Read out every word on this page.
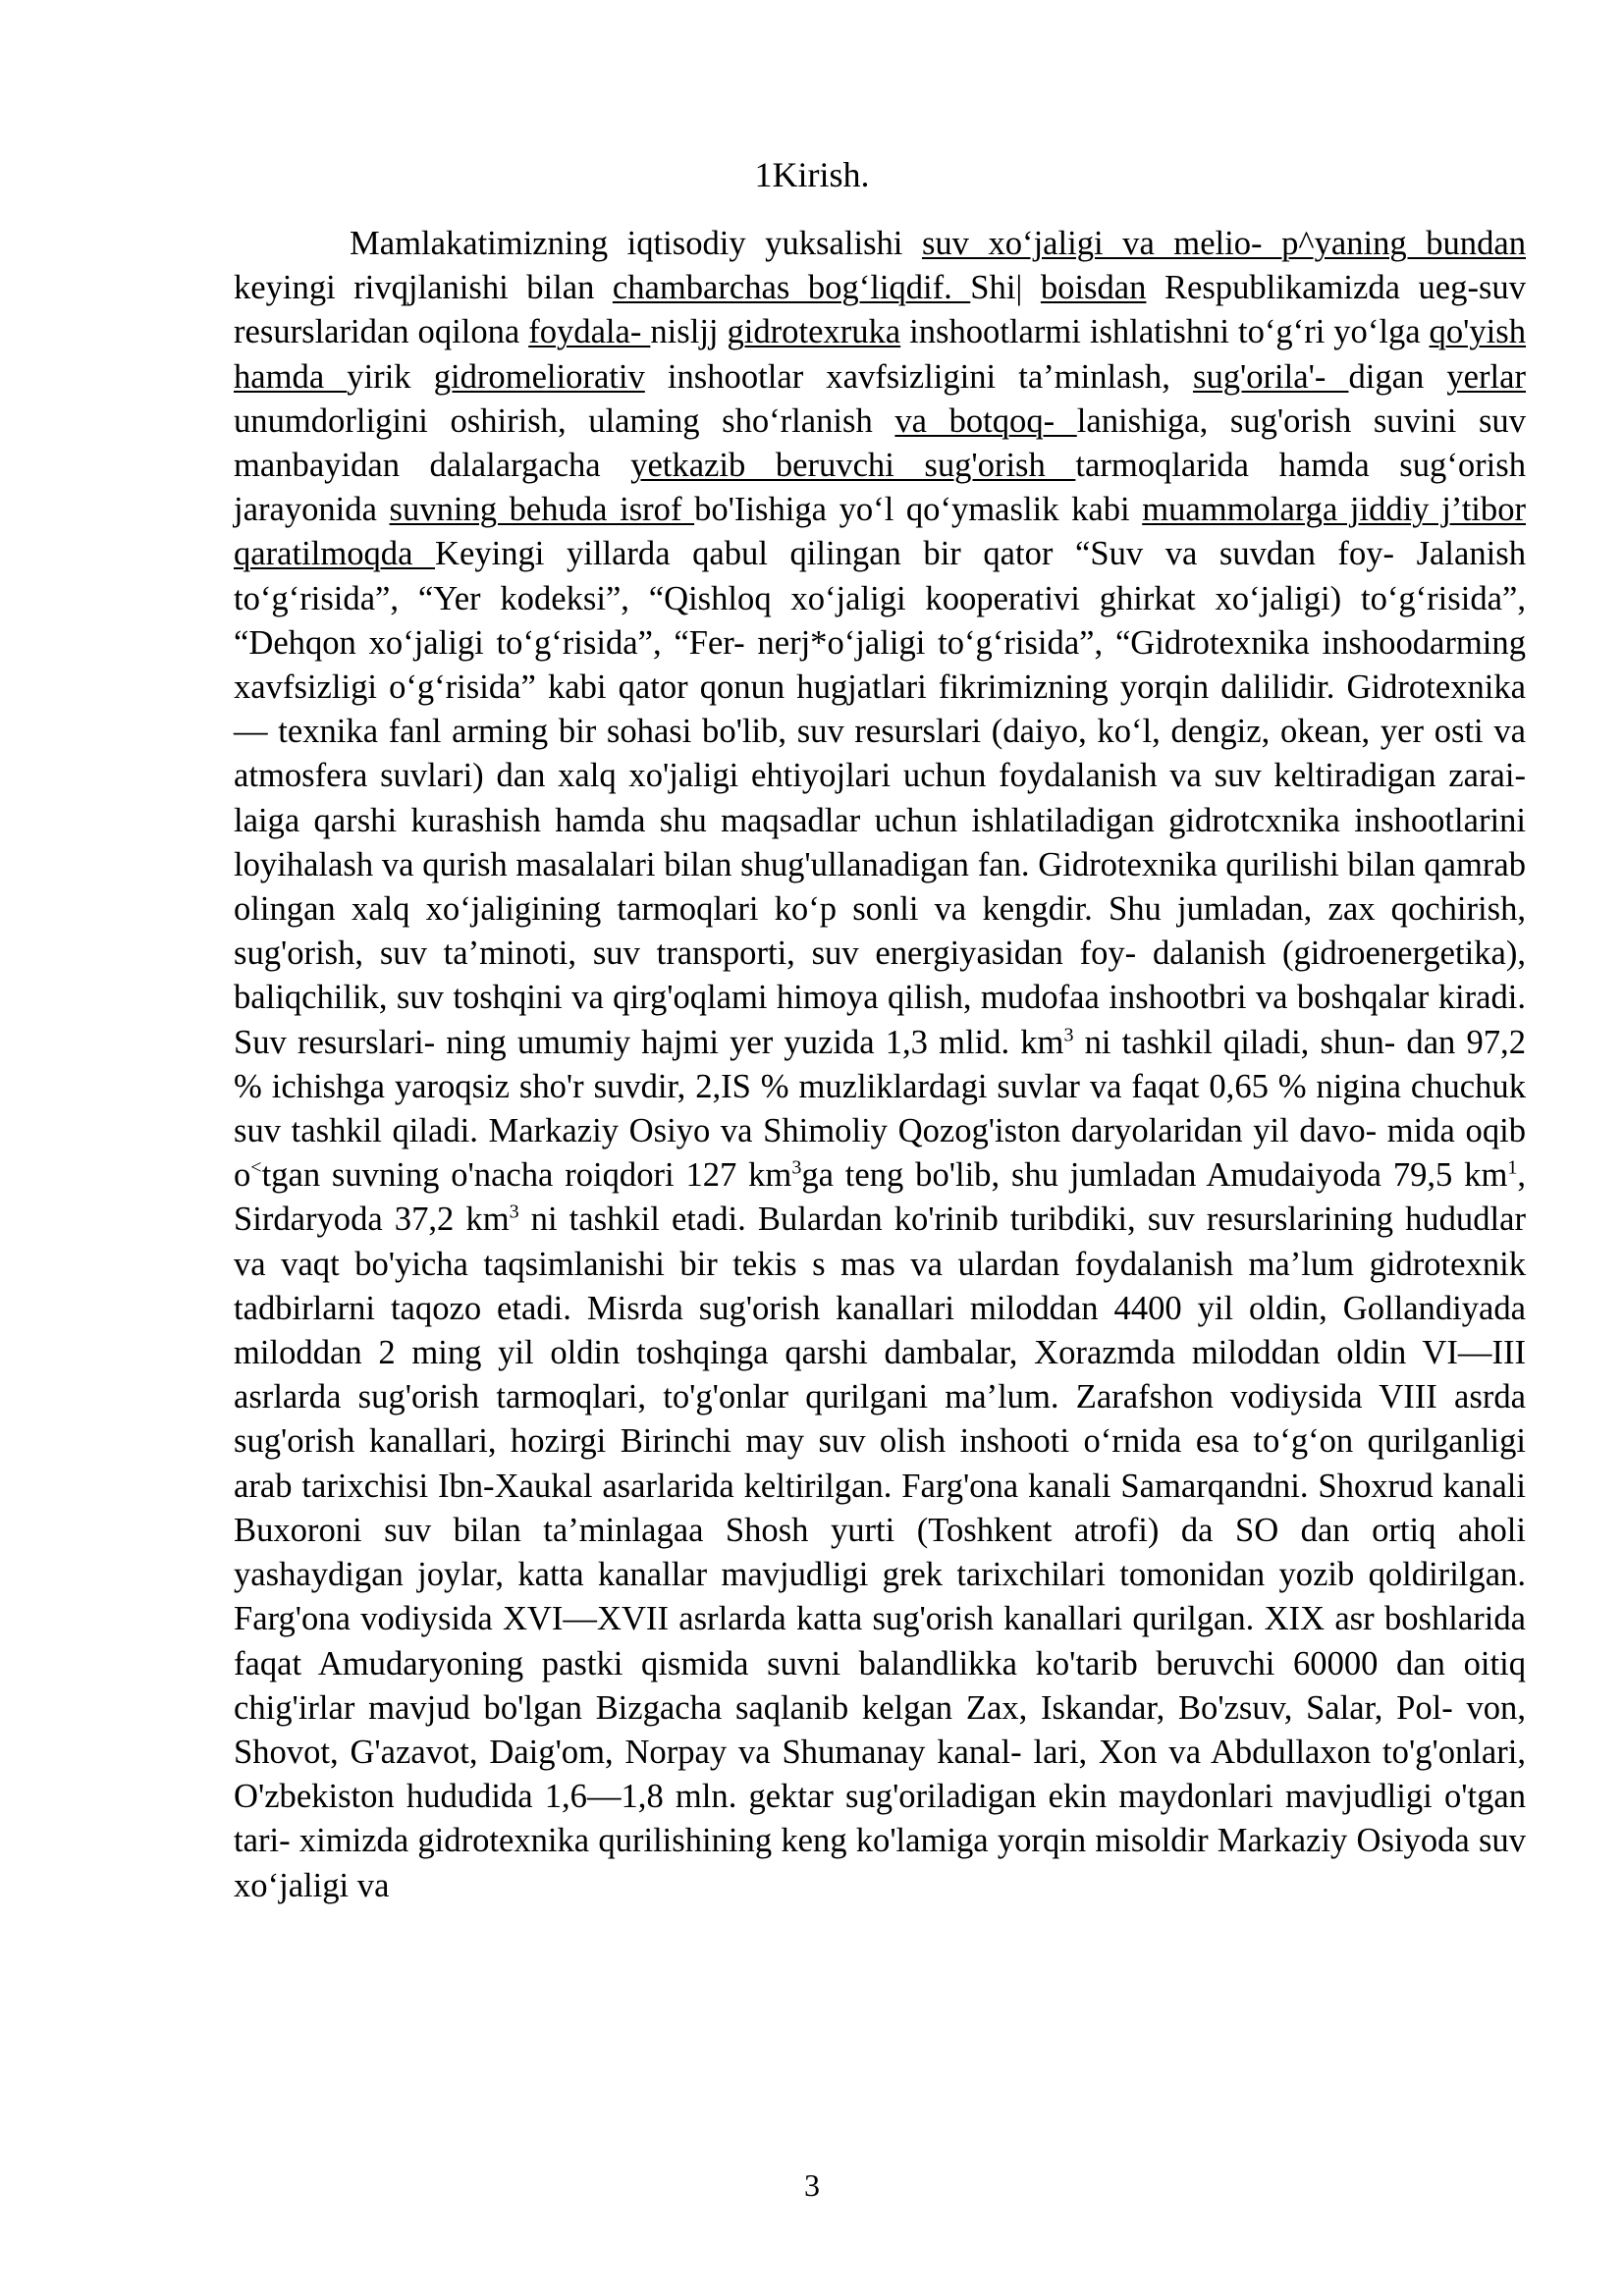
1Kirish.

Mamlakatimizning iqtisodiy yuksalishi suv xo‘jaligi va melio- p^yaning bundan keyingi rivqjlanishi bilan chambarchas bog‘liqdif. Shi| boisdan Respublikamizda ueg-suv resurslaridan oqilona foydala- nisljj gidrotexruka inshootlarmi ishlatishni to‘g‘ri yo‘lga qo'yish hamda yirik gidromeliorativ inshootlar xavfsizligini ta’minlash, sug'orila'- digan yerlar unumdorligini oshirish, ulaming sho‘rlanish va botqoq- lanishiga, sug'orish suvini suv manbayidan dalalargacha yetkazib beruvchi sug'orish tarmoqlarida hamda sug‘orish jarayonida suvning behuda isrof bo'Iishiga yo‘l qo‘ymaslik kabi muammolarga jiddiy j’tibor qaratilmoqda Keyingi yillarda qabul qilingan bir qator “Suv va suvdan foy- Jalanish to‘g‘risida”, “Yer kodeksi”, “Qishloq xo‘jaligi kooperativi ghirkat xo‘jaligi) to‘g‘risida”, “Dehqon xo‘jaligi to‘g‘risida”, “Fer- nerj*o‘jaligi to‘g‘risida”, “Gidrotexnika inshoodarming xavfsizligi o‘g‘risida” kabi qator qonun hugjatlari fikrimizning yorqin dalilidir. Gidrotexnika — texnika fanl arming bir sohasi bo'lib, suv resurslari (daiyo, ko‘l, dengiz, okean, yer osti va atmosfera suvlari) dan xalq xo'jaligi ehtiyojlari uchun foydalanish va suv keltiradigan zarai- laiga qarshi kurashish hamda shu maqsadlar uchun ishlatiladigan gidrotcxnika inshootlarini loyihalash va qurish masalalari bilan shug'ullanadigan fan. Gidrotexnika qurilishi bilan qamrab olingan xalq xo‘jaligining tarmoqlari ko‘p sonli va kengdir. Shu jumladan, zax qochirish, sug'orish, suv ta’minoti, suv transporti, suv energiyasidan foy- dalanish (gidroenergetika), baliqchilik, suv toshqini va qirg'oqlami himoya qilish, mudofaa inshootbri va boshqalar kiradi. Suv resurslari- ning umumiy hajmi yer yuzida 1,3 mlid. $km^3$ ni tashkil qiladi, shun- dan 97,2 % ichishga yaroqsiz sho'r suvdir, 2,IS % muzliklardagi suvlar va faqat 0,65 % nigina chuchuk suv tashkil qiladi. Markaziy Osiyo va Shimoliy Qozog'iston daryolaridan yil davo- mida oqib o<tgan suvning o'nacha roiqdori 127 $km^3ga$ teng bo'lib, shu jumladan Amudaiyoda 79,5 $km^1$, Sirdaryoda 37,2 $km^3$ ni tashkil etadi. Bulardan ko'rinib turibdiki, suv resurslarining hududlar va vaqt bo'yicha taqsimlanishi bir tekis s mas va ulardan foydalanish ma’lum gidrotexnik tadbirlarni taqozo etadi. Misrda sug'orish kanallari miloddan 4400 yil oldin, Gollandiyada miloddan 2 ming yil oldin toshqinga qarshi dambalar, Xorazmda miloddan oldin VI—III asrlarda sug'orish tarmoqlari, to'g'onlar qurilgani ma’lum. Zarafshon vodiysida VIII asrda sug'orish kanallari, hozirgi Birinchi may suv olish inshooti o‘rnida esa to‘g‘on qurilganligi arab tarixchisi Ibn-Xaukal asarlarida keltirilgan. Farg'ona kanali Samarqandni. Shoxrud kanali Buxoroni suv bilan ta’minlagaa Shosh yurti (Toshkent atrofi) da SO dan ortiq aholi yashaydigan joylar, katta kanallar mavjudligi grek tarixchilari tomonidan yozib qoldirilgan. Farg'ona vodiysida XVI—XVII asrlarda katta sug'orish kanallari qurilgan. XIX asr boshlarida faqat Amudaryoning pastki qismida suvni balandlikka ko'tarib beruvchi 60000 dan oitiq chig'irlar mavjud bo'lgan Bizgacha saqlanib kelgan Zax, Iskandar, Bo'zsuv, Salar, Pol- von, Shovot, G'azavot, Daig'om, Norpay va Shumanay kanal- lari, Xon va Abdullaxon to'g'onlari, O'zbekiston hududida 1,6—1,8 mln. gektar sug'oriladigan ekin maydonlari mavjudligi o'tgan tari- ximizda gidrotexnika qurilishining keng ko'lamiga yorqin misoldir Markaziy Osiyoda suv xo‘jaligi va

3
